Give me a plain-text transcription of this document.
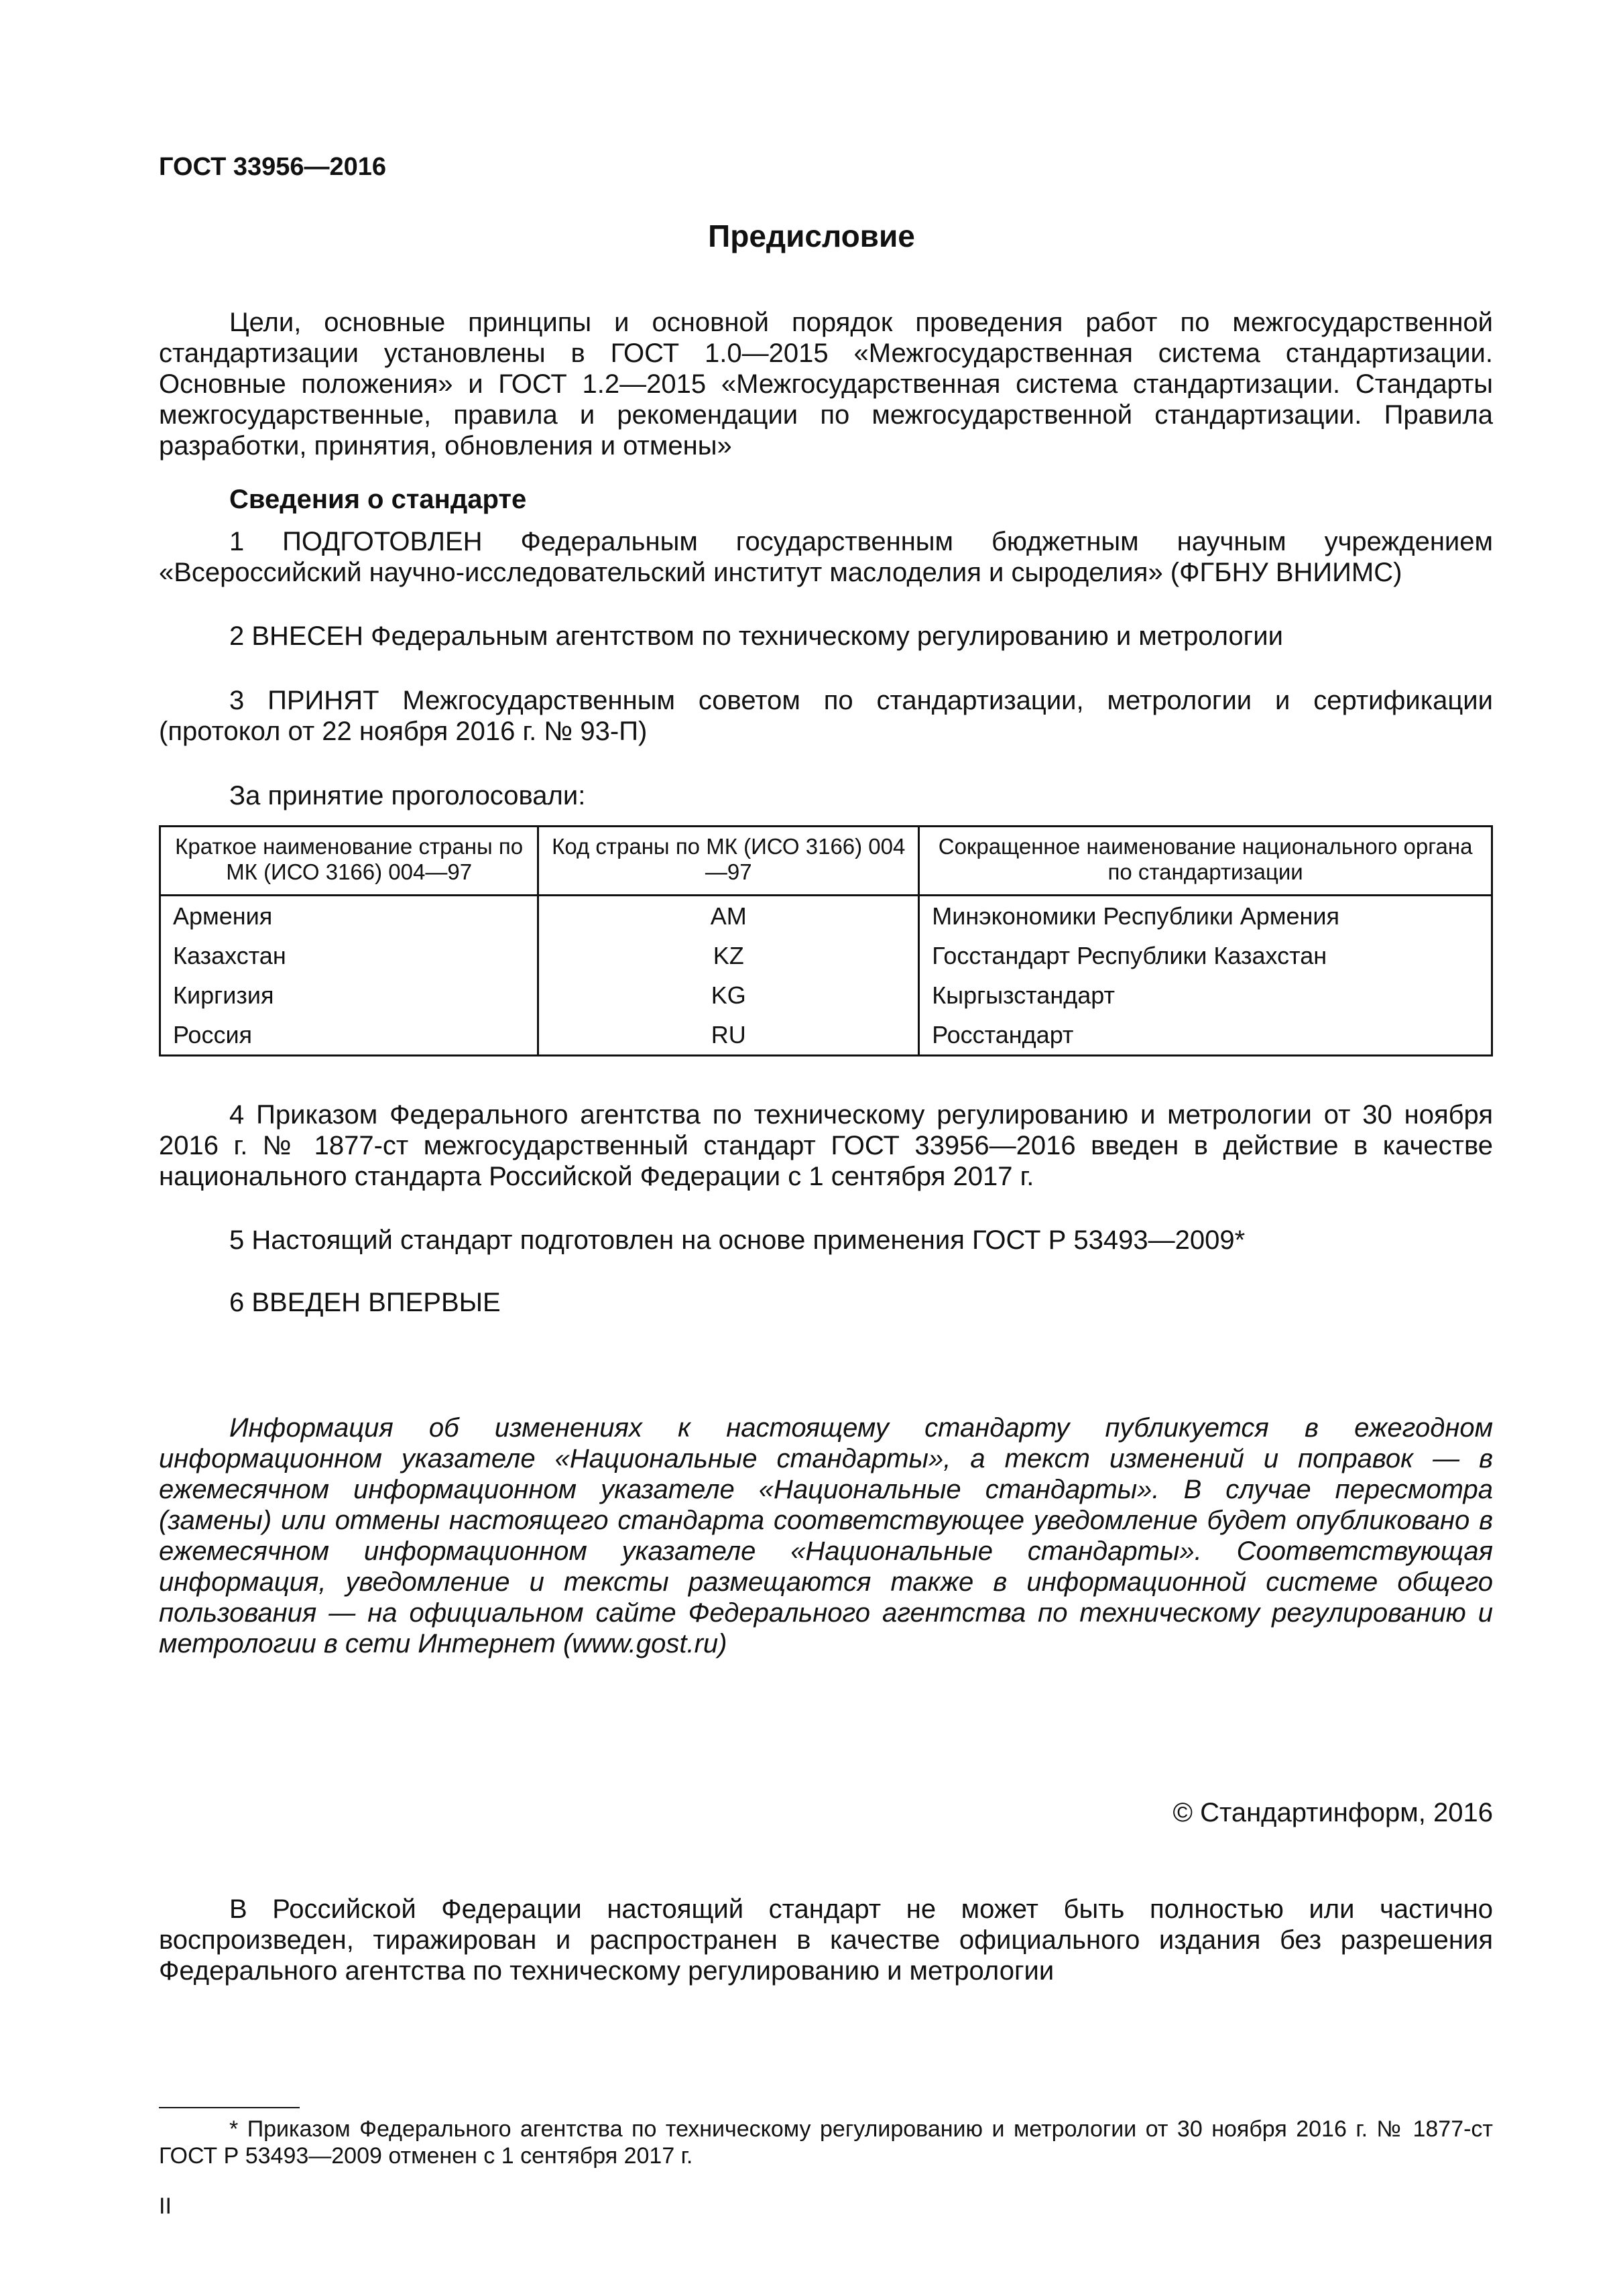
ГОСТ 33956—2016
Предисловие
Цели, основные принципы и основной порядок проведения работ по межгосударственной стандартизации установлены в ГОСТ 1.0—2015 «Межгосударственная система стандартизации. Основные положения» и ГОСТ 1.2—2015 «Межгосударственная система стандартизации. Стандарты межгосударственные, правила и рекомендации по межгосударственной стандартизации. Правила разработки, принятия, обновления и отмены»
Сведения о стандарте
1 ПОДГОТОВЛЕН Федеральным государственным бюджетным научным учреждением «Всероссийский научно-исследовательский институт маслоделия и сыроделия» (ФГБНУ ВНИИМС)
2 ВНЕСЕН Федеральным агентством по техническому регулированию и метрологии
3 ПРИНЯТ Межгосударственным советом по стандартизации, метрологии и сертификации (протокол от 22 ноября 2016 г. № 93-П)
За принятие проголосовали:
Краткое наименование страны по МК (ИСО 3166) 004—97	Код страны по МК (ИСО 3166) 004—97	Сокращенное наименование национального органа по стандартизации
Армения	AM	Минэкономики Республики Армения
Казахстан	KZ	Госстандарт Республики Казахстан
Киргизия	KG	Кыргызстандарт
Россия	RU	Росстандарт
4 Приказом Федерального агентства по техническому регулированию и метрологии от 30 ноября 2016 г. № 1877-ст межгосударственный стандарт ГОСТ 33956—2016 введен в действие в качестве национального стандарта Российской Федерации с 1 сентября 2017 г.
5 Настоящий стандарт подготовлен на основе применения ГОСТ Р 53493—2009*
6 ВВЕДЕН ВПЕРВЫЕ
Информация об изменениях к настоящему стандарту публикуется в ежегодном информационном указателе «Национальные стандарты», а текст изменений и поправок — в ежемесячном информационном указателе «Национальные стандарты». В случае пересмотра (замены) или отмены настоящего стандарта соответствующее уведомление будет опубликовано в ежемесячном информационном указателе «Национальные стандарты». Соответствующая информация, уведомление и тексты размещаются также в информационной системе общего пользования — на официальном сайте Федерального агентства по техническому регулированию и метрологии в сети Интернет (www.gost.ru)
© Стандартинформ, 2016
В Российской Федерации настоящий стандарт не может быть полностью или частично воспроизведен, тиражирован и распространен в качестве официального издания без разрешения Федерального агентства по техническому регулированию и метрологии
* Приказом Федерального агентства по техническому регулированию и метрологии от 30 ноября 2016 г. № 1877-ст ГОСТ Р 53493—2009 отменен с 1 сентября 2017 г.
II
